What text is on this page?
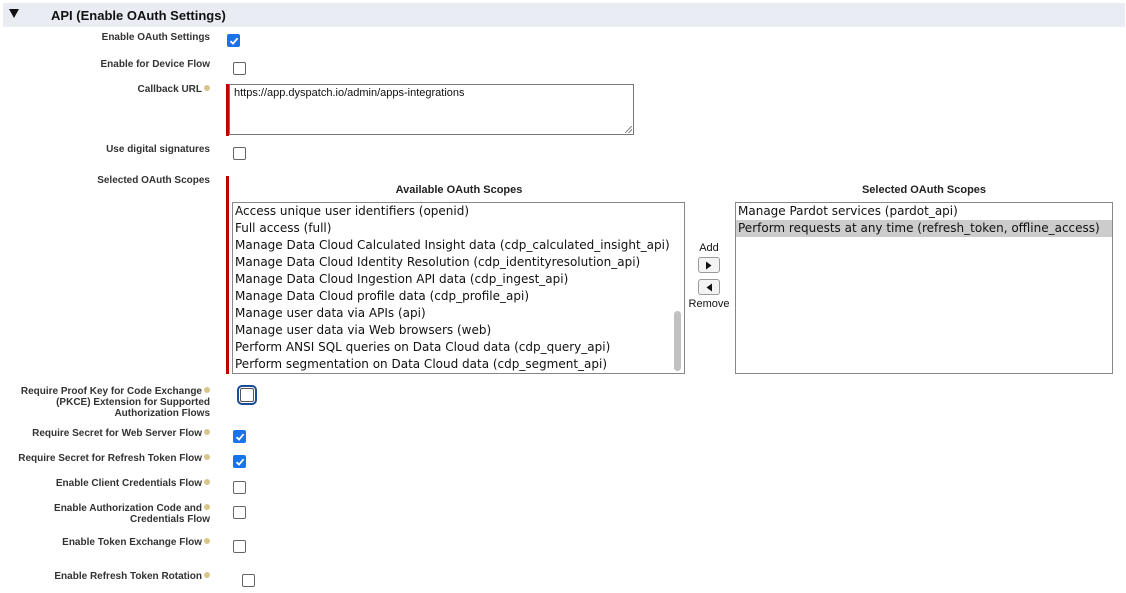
API (Enable OAuth Settings)
Enable OAuth Settings
Enable for Device Flow
Callback URL	https://app.dyspatch.io/admin/apps-integrations
Use digital signatures
Selected OAuth Scopes
Available OAuth Scopes
Access unique user identifiers (openid)
Full access (full)
Manage Data Cloud Calculated Insight data (cdp_calculated_insight_api)
Manage Data Cloud Identity Resolution (cdp_identityresolution_api)
Manage Data Cloud Ingestion API data (cdp_ingest_api)
Manage Data Cloud profile data (cdp_profile_api)
Manage user data via APIs (api)
Manage user data via Web browsers (web)
Perform ANSI SQL queries on Data Cloud data (cdp_query_api)
Perform segmentation on Data Cloud data (cdp_segment_api)
Add
Remove
Selected OAuth Scopes
Manage Pardot services (pardot_api)
Perform requests at any time (refresh_token, offline_access)
Require Proof Key for Code Exchange
(PKCE) Extension for Supported
Authorization Flows
Require Secret for Web Server Flow
Require Secret for Refresh Token Flow
Enable Client Credentials Flow
Enable Authorization Code and
Credentials Flow
Enable Token Exchange Flow
Enable Refresh Token Rotation
